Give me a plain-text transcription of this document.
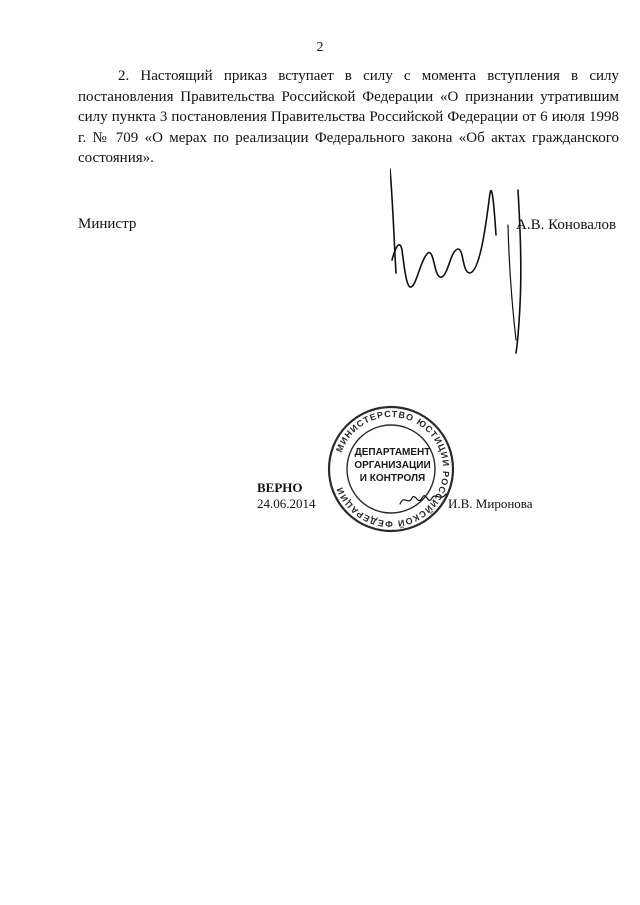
2

2. Настоящий приказ вступает в силу с момента вступления в силу постановления Правительства Российской Федерации «О признании утратившим силу пункта 3 постановления Правительства Российской Федерации от 6 июля 1998 г. № 709 «О мерах по реализации Федерального закона «Об актах гражданского состояния».

Министр	А.В. Коновалов
МИНИСТЕРСТВО ЮСТИЦИИ РОССИЙСКОЙ ФЕДЕРАЦИИ
ДЕПАРТАМЕНТ
ОРГАНИЗАЦИИ
И КОНТРОЛЯ
ВЕРНО
24.06.2014	И.В. Миронова
